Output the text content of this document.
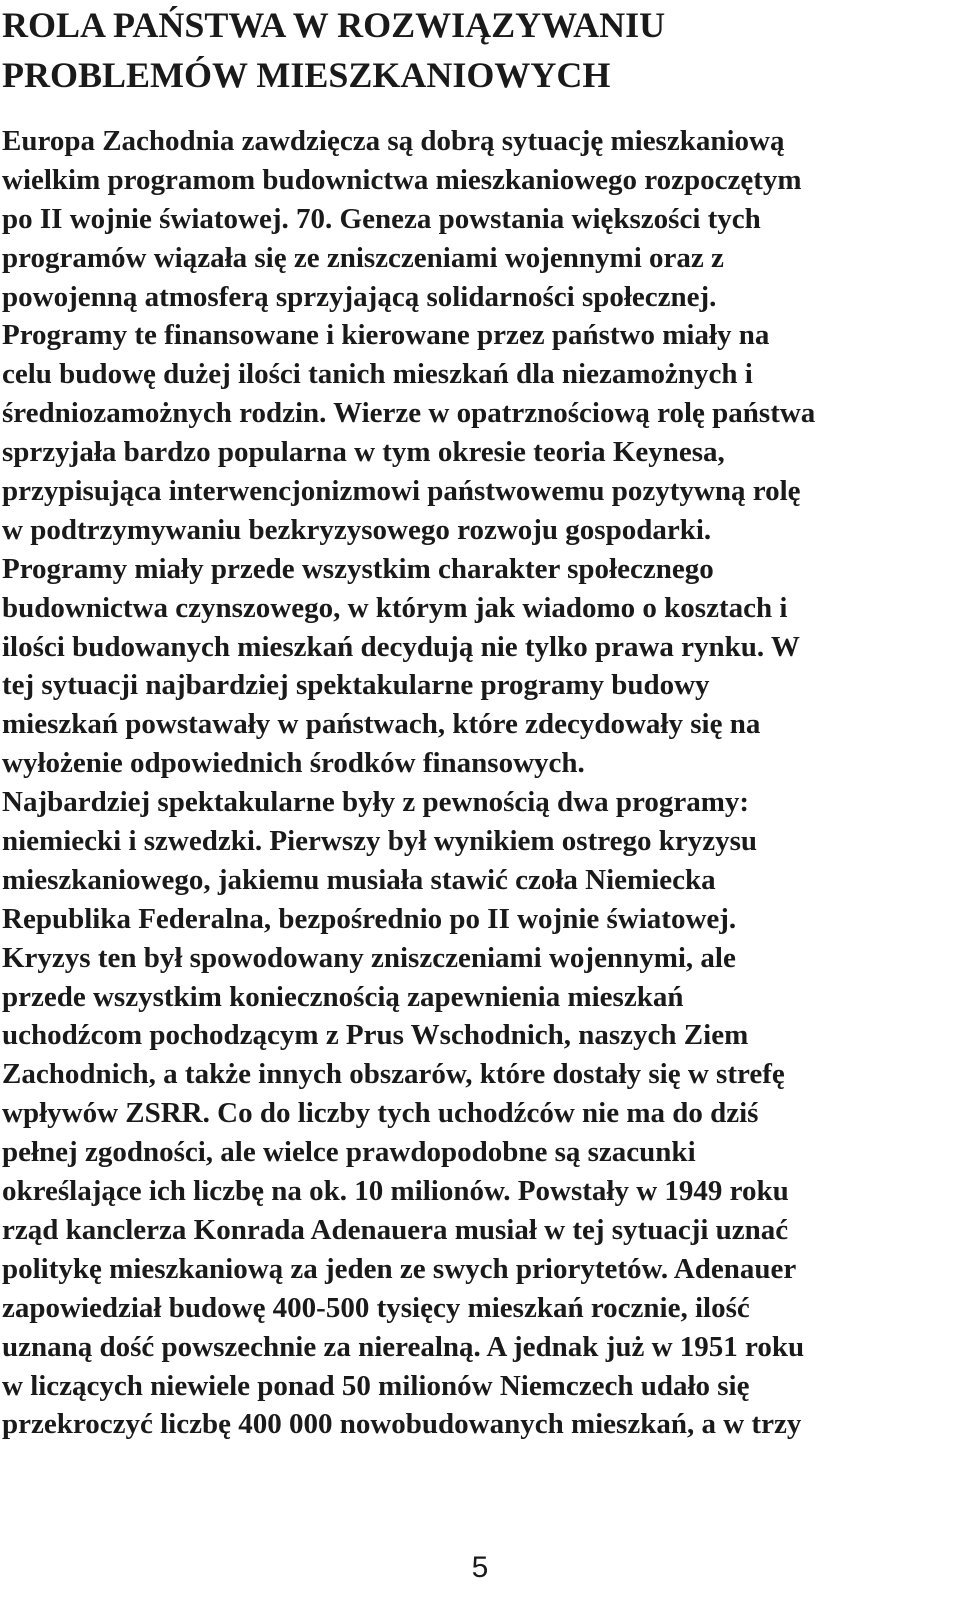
ROLA PAŃSTWA W ROZWIĄZYWANIU
PROBLEMÓW MIESZKANIOWYCH

Europa Zachodnia zawdzięcza są dobrą sytuację mieszkaniową
wielkim programom budownictwa mieszkaniowego rozpoczętym
po II wojnie światowej. 70. Geneza powstania większości tych
programów wiązała się ze zniszczeniami wojennymi oraz z
powojenną atmosferą sprzyjającą solidarności społecznej.
Programy te finansowane i kierowane przez państwo miały na
celu budowę dużej ilości tanich mieszkań dla niezamożnych i
średniozamożnych rodzin. Wierze w opatrznościową rolę państwa
sprzyjała bardzo popularna w tym okresie teoria Keynesa,
przypisująca interwencjonizmowi państwowemu pozytywną rolę
w podtrzymywaniu bezkryzysowego rozwoju gospodarki.
Programy miały przede wszystkim charakter społecznego
budownictwa czynszowego, w którym jak wiadomo o kosztach i
ilości budowanych mieszkań decydują nie tylko prawa rynku. W
tej sytuacji najbardziej spektakularne programy budowy
mieszkań powstawały w państwach, które zdecydowały się na
wyłożenie odpowiednich środków finansowych.
Najbardziej spektakularne były z pewnością dwa programy:
niemiecki i szwedzki. Pierwszy był wynikiem ostrego kryzysu
mieszkaniowego, jakiemu musiała stawić czoła Niemiecka
Republika Federalna, bezpośrednio po II wojnie światowej.
Kryzys ten był spowodowany zniszczeniami wojennymi, ale
przede wszystkim koniecznością zapewnienia mieszkań
uchodźcom pochodzącym z Prus Wschodnich, naszych Ziem
Zachodnich, a także innych obszarów, które dostały się w strefę
wpływów ZSRR. Co do liczby tych uchodźców nie ma do dziś
pełnej zgodności, ale wielce prawdopodobne są szacunki
określające ich liczbę na ok. 10 milionów. Powstały w 1949 roku
rząd kanclerza Konrada Adenauera musiał w tej sytuacji uznać
politykę mieszkaniową za jeden ze swych priorytetów. Adenauer
zapowiedział budowę 400-500 tysięcy mieszkań rocznie, ilość
uznaną dość powszechnie za nierealną. A jednak już w 1951 roku
w liczących niewiele ponad 50 milionów Niemczech udało się
przekroczyć liczbę 400 000 nowobudowanych mieszkań, a w trzy

5
